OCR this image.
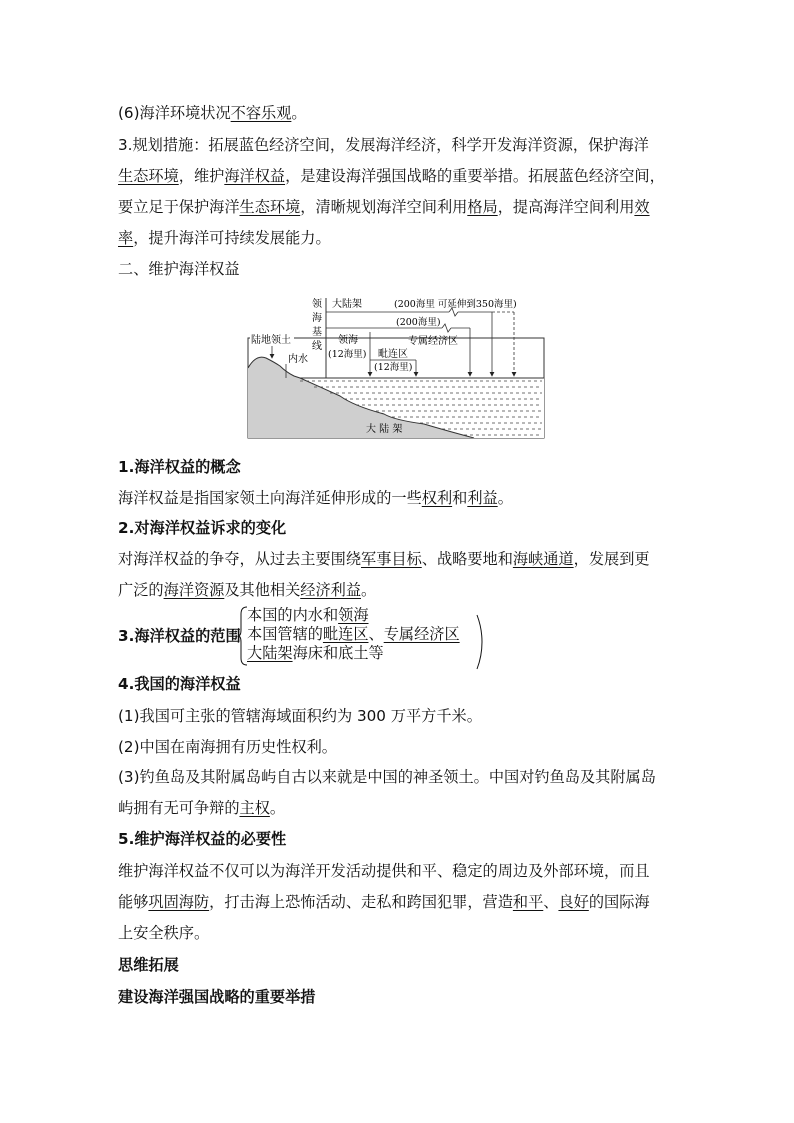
(6)海洋环境状况不容乐观。
3.规划措施：拓展蓝色经济空间，发展海洋经济，科学开发海洋资源，保护海洋
生态环境，维护海洋权益，是建设海洋强国战略的重要举措。拓展蓝色经济空间，
要立足于保护海洋生态环境，清晰规划海洋空间利用格局，提高海洋空间利用效
率，提升海洋可持续发展能力。
二、维护海洋权益
陆地领土
内水
领
海
基
线
大陆架	(200海里 可延伸到350海里)
(200海里)
领海
(12海里)
专属经济区
毗连区
(12海里)
大 陆 架
1.海洋权益的概念
海洋权益是指国家领土向海洋延伸形成的一些权利和利益。
2.对海洋权益诉求的变化
对海洋权益的争夺，从过去主要围绕军事目标、战略要地和海峡通道，发展到更
广泛的海洋资源及其他相关经济利益。
3.海洋权益的范围
本国的内水和领海
本国管辖的毗连区、专属经济区
大陆架海床和底土等
4.我国的海洋权益
(1)我国可主张的管辖海域面积约为 300 万平方千米。
(2)中国在南海拥有历史性权利。
(3)钓鱼岛及其附属岛屿自古以来就是中国的神圣领土。中国对钓鱼岛及其附属岛
屿拥有无可争辩的主权。
5.维护海洋权益的必要性
维护海洋权益不仅可以为海洋开发活动提供和平、稳定的周边及外部环境，而且
能够巩固海防，打击海上恐怖活动、走私和跨国犯罪，营造和平、良好的国际海
上安全秩序。
思维拓展
建设海洋强国战略的重要举措
